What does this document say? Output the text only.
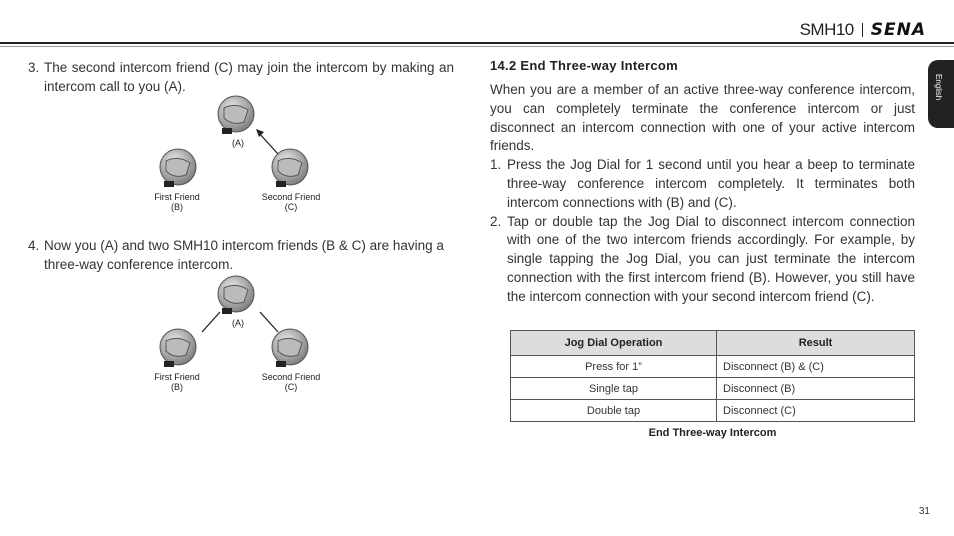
SMH10 SENA
English
3. The second intercom friend (C) may join the intercom by making an intercom call to you (A).
(A)
First Friend
(B)
Second Friend
(C)
4. Now you (A) and two SMH10 intercom friends (B & C) are having a three-way conference intercom.
(A)
First Friend
(B)
Second Friend
(C)
14.2 End Three-way Intercom

When you are a member of an active three-way conference intercom, you can completely terminate the conference intercom or just disconnect an intercom connection with one of your active intercom friends.

1. Press the Jog Dial for 1 second until you hear a beep to terminate three-way conference intercom completely. It terminates both intercom connections with (B) and (C).
2. Tap or double tap the Jog Dial to disconnect intercom connection with one of the two intercom friends accordingly. For example, by single tapping the Jog Dial, you can just terminate the intercom connection with the first intercom friend (B). However, you still have the intercom connection with your second intercom friend (C).
Jog Dial Operation	Result
Press for 1”	Disconnect (B) & (C)
Single tap	Disconnect (B)
Double tap	Disconnect (C)
End Three-way Intercom
31
